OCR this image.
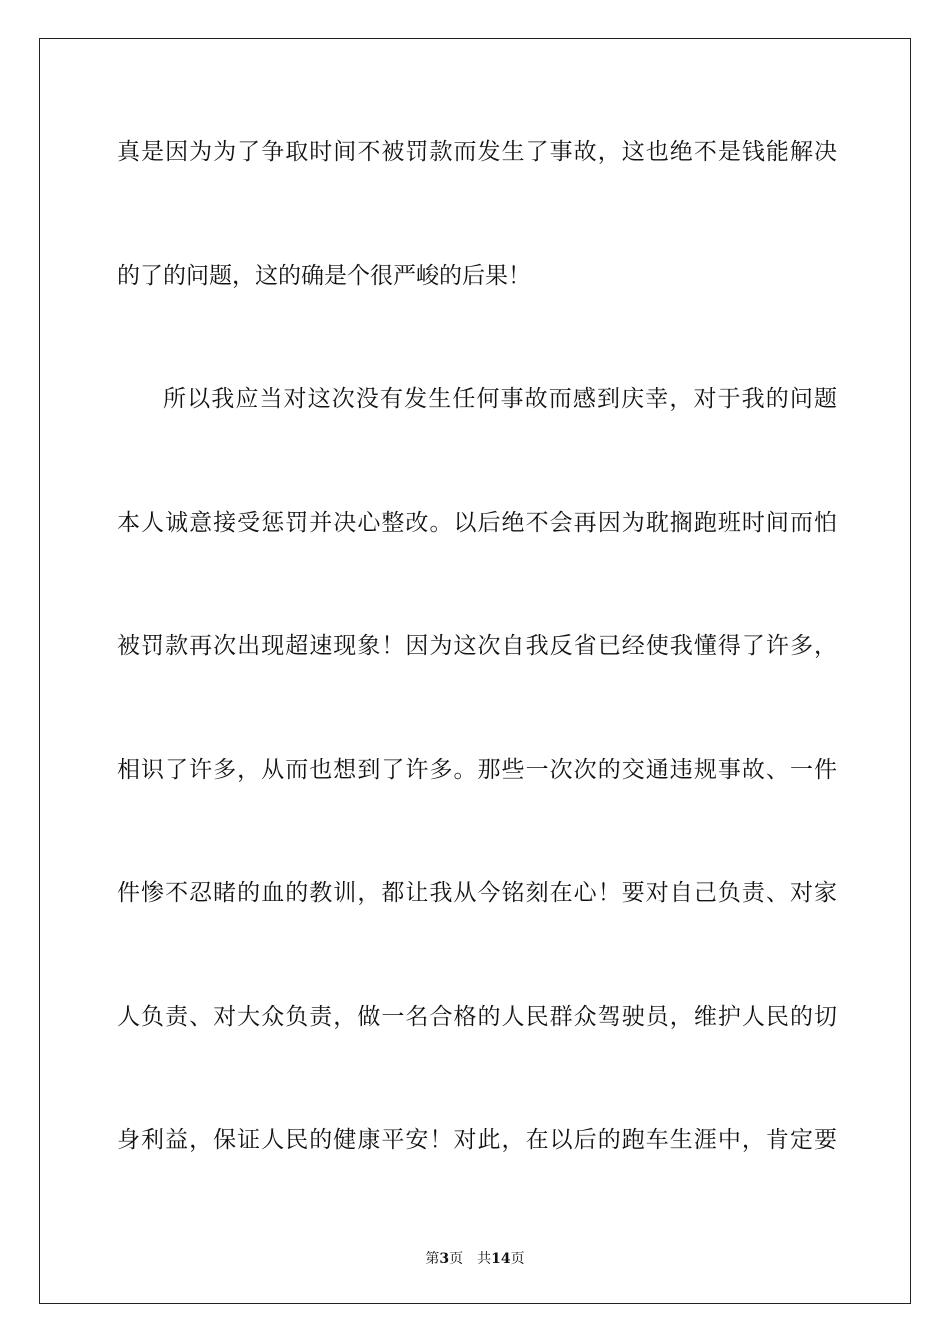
真是因为为了争取时间不被罚款而发生了事故，这也绝不是钱能解决
的了的问题，这的确是个很严峻的后果！
所以我应当对这次没有发生任何事故而感到庆幸，对于我的问题
本人诚意接受惩罚并决心整改。以后绝不会再因为耽搁跑班时间而怕
被罚款再次出现超速现象！因为这次自我反省已经使我懂得了许多，
相识了许多，从而也想到了许多。那些一次次的交通违规事故、一件
件惨不忍睹的血的教训，都让我从今铭刻在心！要对自己负责、对家
人负责、对大众负责，做一名合格的人民群众驾驶员，维护人民的切
身利益，保证人民的健康平安！对此，在以后的跑车生涯中，肯定要
第3页 共14页
